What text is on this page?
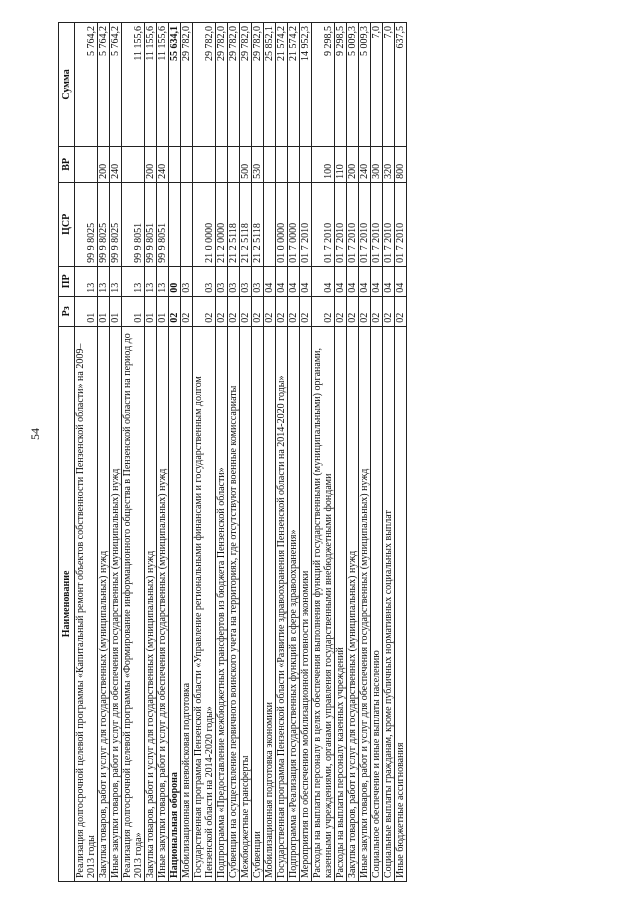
54
Наименование	Рз	ПР	ЦСР	ВР	Сумма
Реализация долгосрочной целевой программы «Капитальный ремонт объектов собственности Пензенской области» на 2009–2013 годы	01	13	99 9 8025		5 764,2
Закупка товаров, работ и услуг для государственных (муниципальных) нужд	01	13	99 9 8025	200	5 764,2
Иные закупки товаров, работ и услуг для обеспечения государственных (муниципальных) нужд	01	13	99 9 8025	240	5 764,2
Реализация долгосрочной целевой программы «Формирование информационного общества в Пензенской области на период до 2013 года»	01	13	99 9 8051		11 155,6
Закупка товаров, работ и услуг для государственных (муниципальных) нужд	01	13	99 9 8051	200	11 155,6
Иные закупки товаров, работ и услуг для обеспечения государственных (муниципальных) нужд	01	13	99 9 8051	240	11 155,6
Национальная оборона	02	00			55 634,1
Мобилизационная и вневойсковая подготовка	02	03			29 782,0
Государственная программа Пензенской области «Управление региональными финансами и государственным долгом Пензенской области на 2014-2020 годы»	02	03	21 0 0000		29 782,0
Подпрограмма «Предоставление межбюджетных трансфертов из бюджета Пензенской области»	02	03	21 2 0000		29 782,0
Субвенции на осуществление первичного воинского учета на территориях, где отсутствуют военные комиссариаты	02	03	21 2 5118		29 782,0
Межбюджетные трансферты	02	03	21 2 5118	500	29 782,0
Субвенции	02	03	21 2 5118	530	29 782,0
Мобилизационная подготовка экономики	02	04			25 852,1
Государственная программа Пензенской области «Развитие здравоохранения Пензенской области на 2014-2020 годы»	02	04	01 0 0000		21 574,2
Подпрограмма «Реализация государственных функций в сфере здравоохранения»	02	04	01 7 0000		21 574,2
Мероприятия по обеспечению мобилизационной готовности экономики	02	04	01 7 2010		14 952,3
Расходы на выплаты персоналу в целях обеспечения выполнения функций государственными (муниципальными) органами, казенными учреждениями, органами управления государственными внебюджетными фондами	02	04	01 7 2010	100	9 298,5
Расходы на выплаты персоналу казенных учреждений	02	04	01 7 2010	110	9 298,5
Закупка товаров, работ и услуг для государственных (муниципальных) нужд	02	04	01 7 2010	200	5 009,3
Иные закупки товаров, работ и услуг для обеспечения государственных (муниципальных) нужд	02	04	01 7 2010	240	5 009,3
Социальное обеспечение и иные выплаты населению	02	04	01 7 2010	300	7,0
Социальные выплаты гражданам, кроме публичных нормативных социальных выплат	02	04	01 7 2010	320	7,0
Иные бюджетные ассигнования	02	04	01 7 2010	800	637,5
